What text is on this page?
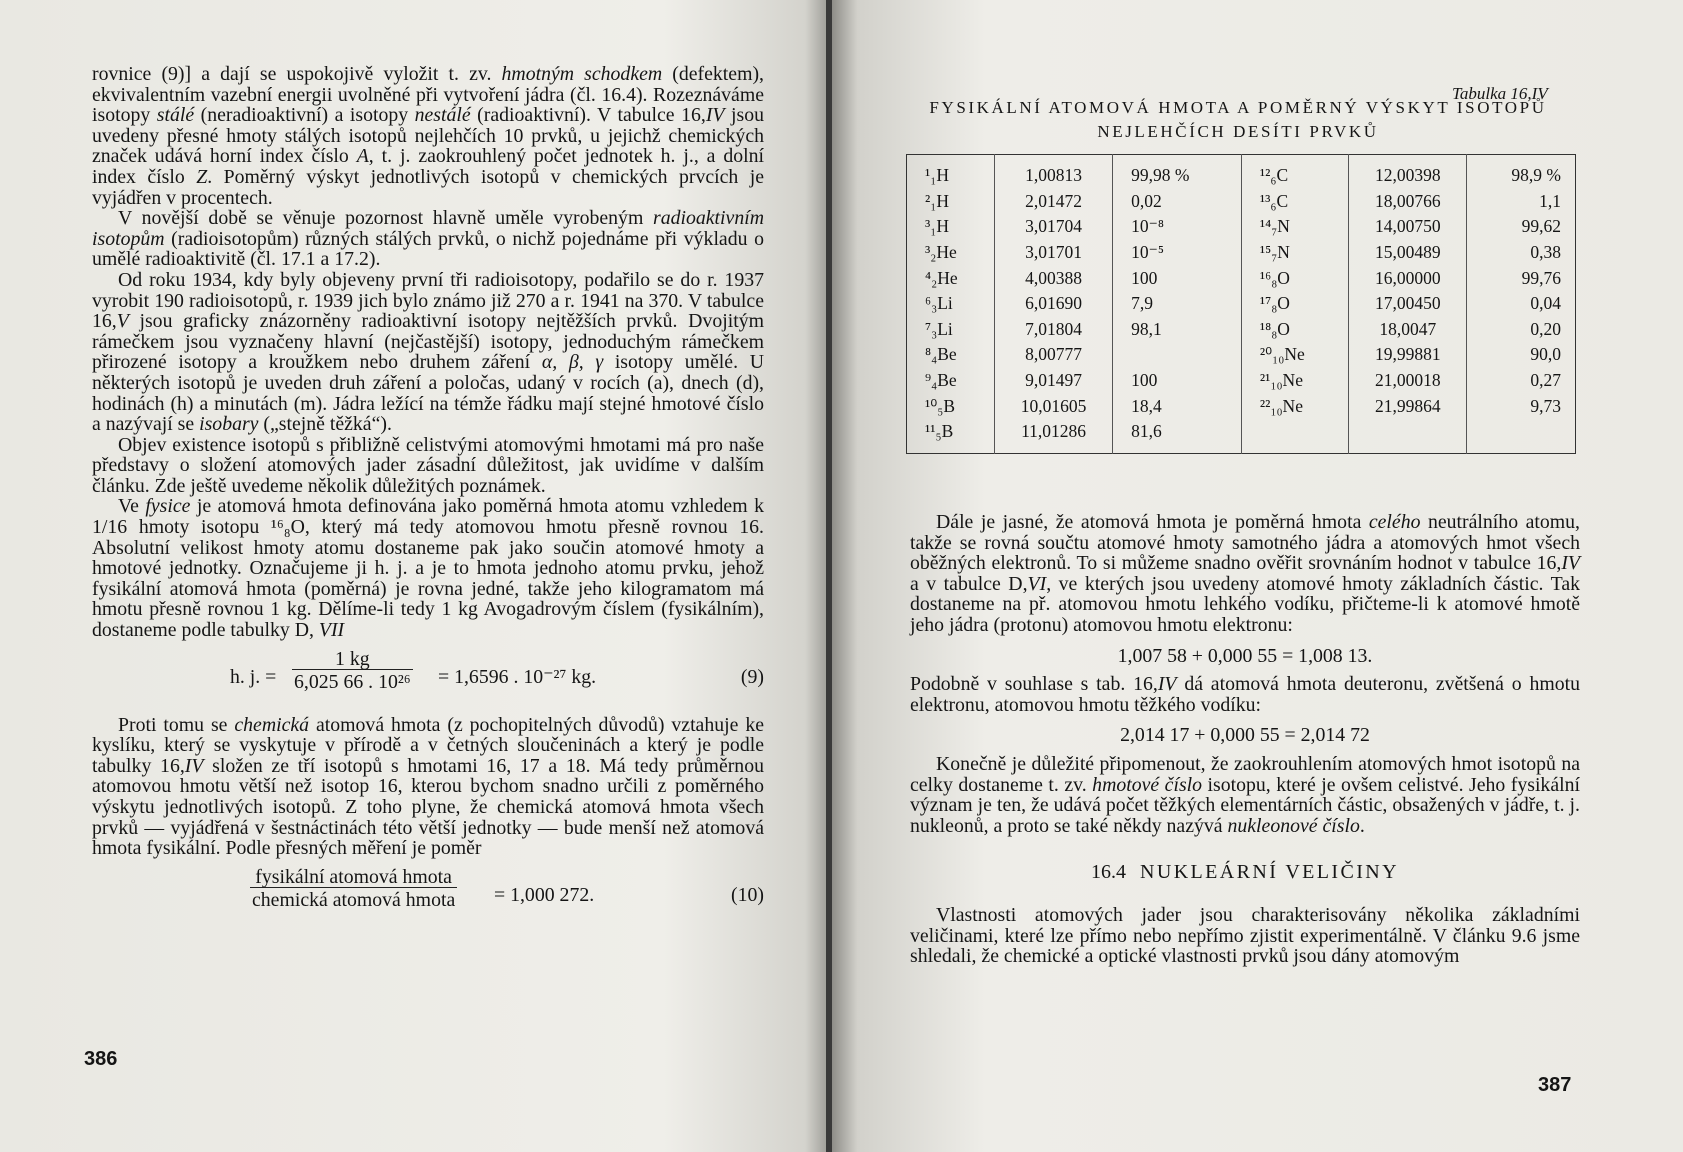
rovnice (9)] a dají se uspokojivě vyložit t. zv. hmotným schodkem (defektem), ekvivalentním vazební energii uvolněné při vytvoření jádra (čl. 16.4). Rozeznáváme isotopy stálé (neradioaktivní) a isotopy nestálé (radioaktivní). V tabulce 16,IV jsou uvedeny přesné hmoty stálých isotopů nejlehčích 10 prvků, u jejichž chemických značek udává horní index číslo A, t. j. zaokrouhlený počet jednotek h. j., a dolní index číslo Z. Poměrný výskyt jednotlivých isotopů v chemických prvcích je vyjádřen v procentech.

V novější době se věnuje pozornost hlavně uměle vyrobeným radioaktivním isotopům (radioisotopům) různých stálých prvků, o nichž pojednáme při výkladu o umělé radioaktivitě (čl. 17.1 a 17.2).

Od roku 1934, kdy byly objeveny první tři radioisotopy, podařilo se do r. 1937 vyrobit 190 radioisotopů, r. 1939 jich bylo známo již 270 a r. 1941 na 370. V tabulce 16,V jsou graficky znázorněny radioaktivní isotopy nejtěžších prvků. Dvojitým rámečkem jsou vyznačeny hlavní (nejčastější) isotopy, jednoduchým rámečkem přirozené isotopy a kroužkem nebo druhem záření α, β, γ isotopy umělé. U některých isotopů je uveden druh záření a poločas, udaný v rocích (a), dnech (d), hodinách (h) a minutách (m). Jádra ležící na témže řádku mají stejné hmotové číslo a nazývají se isobary („stejně těžká“).

Objev existence isotopů s přibližně celistvými atomovými hmotami má pro naše představy o složení atomových jader zásadní důležitost, jak uvidíme v dalším článku. Zde ještě uvedeme několik důležitých poznámek.

Ve fysice je atomová hmota definována jako poměrná hmota atomu vzhledem k 1/16 hmoty isotopu ¹⁶₈O, který má tedy atomovou hmotu přesně rovnou 16. Absolutní velikost hmoty atomu dostaneme pak jako součin atomové hmoty a hmotové jednotky. Označujeme ji h. j. a je to hmota jednoho atomu prvku, jehož fysikální atomová hmota (poměrná) je rovna jedné, takže jeho kilogramatom má hmotu přesně rovnou 1 kg. Dělíme-li tedy 1 kg Avogadrovým číslem (fysikálním), dostaneme podle tabulky D, VII

h. j. = $\frac{1 kg}{\text{6,025 66 . 10²⁶}} = 1,6596$ . 10⁻²⁷ kg.	(9)

Proti tomu se chemická atomová hmota (z pochopitelných důvodů) vztahuje ke kyslíku, který se vyskytuje v přírodě a v četných sloučeninách a který je podle tabulky 16,IV složen ze tří isotopů s hmotami 16, 17 a 18. Má tedy průměrnou atomovou hmotu větší než isotop 16, kterou bychom snadno určili z poměrného výskytu jednotlivých isotopů. Z toho plyne, že chemická atomová hmota všech prvků — vyjádřená v šestnáctinách této větší jednotky — bude menší než atomová hmota fysikální. Podle přesných měření je poměr

fysikální atomová hmota
chemická atomová hmota = 1,000 272.	(10)
386
Tabulka 16,IV
FYSIKÁLNÍ ATOMOVÁ HMOTA A POMĚRNÝ VÝSKYT ISOTOPŮ
NEJLEHČÍCH DESÍTI PRVKŮ

¹₁H	1,00813	99,98 %	¹²₆C	12,00398	98,9 %
²₁H	2,01472	0,02	¹³₆C	18,00766	1,1
³₁H	3,01704	10⁻⁸	¹⁴₇N	14,00750	99,62
³₂He	3,01701	10⁻⁵	¹⁵₇N	15,00489	0,38
⁴₂He	4,00388	100	¹⁶₈O	16,00000	99,76
⁶₃Li	6,01690	7,9	¹⁷₈O	17,00450	0,04
⁷₃Li	7,01804	98,1	¹⁸₈O	18,0047	0,20
⁸₄Be	8,00777		²⁰₁₀Ne	19,99881	90,0
⁹₄Be	9,01497	100	²¹₁₀Ne	21,00018	0,27
¹⁰₅B	10,01605	18,4	²²₁₀Ne	21,99864	9,73
¹¹₅B	11,01286	81,6			

Dále je jasné, že atomová hmota je poměrná hmota celého neutrálního atomu, takže se rovná součtu atomové hmoty samotného jádra a atomových hmot všech oběžných elektronů. To si můžeme snadno ověřit srovnáním hodnot v tabulce 16,IV a v tabulce D,VI, ve kterých jsou uvedeny atomové hmoty základních částic. Tak dostaneme na př. atomovou hmotu lehkého vodíku, přičteme-li k atomové hmotě jeho jádra (protonu) atomovou hmotu elektronu:

1,007 58 + 0,000 55 = 1,008 13.

Podobně v souhlase s tab. 16,IV dá atomová hmota deuteronu, zvětšená o hmotu elektronu, atomovou hmotu těžkého vodíku:

2,014 17 + 0,000 55 = 2,014 72

Konečně je důležité připomenout, že zaokrouhlením atomových hmot isotopů na celky dostaneme t. zv. hmotové číslo isotopu, které je ovšem celistvé. Jeho fysikální význam je ten, že udává počet těžkých elementárních částic, obsažených v jádře, t. j. nukleonů, a proto se také někdy nazývá nukleonové číslo.

16.4 NUKLEÁRNÍ VELIČINY

Vlastnosti atomových jader jsou charakterisovány několika základními veličinami, které lze přímo nebo nepřímo zjistit experimentálně. V článku 9.6 jsme shledali, že chemické a optické vlastnosti prvků jsou dány atomovým

387
